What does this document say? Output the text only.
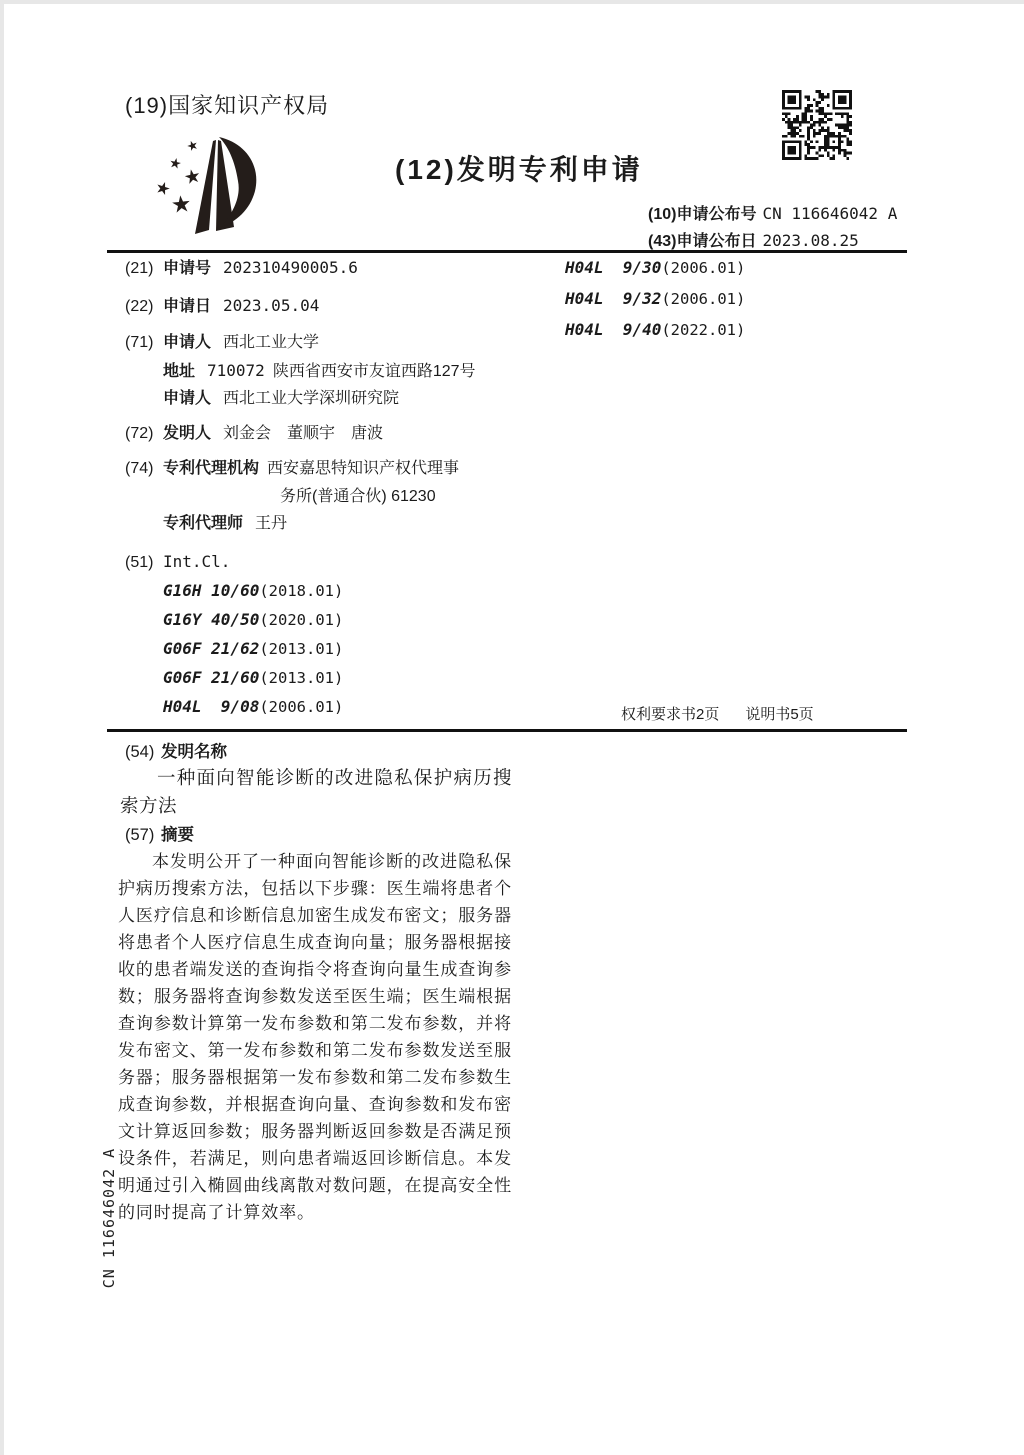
(19)国家知识产权局
★
★
★
★
★
(12)发明专利申请
(10)申请公布号 CN 116646042 A
(43)申请公布日 2023.08.25
(21) 申请号 202310490005.6
(22) 申请日 2023.05.04
(71) 申请人 西北工业大学
地址 710072 陕西省西安市友谊西路127号
申请人 西北工业大学深圳研究院
(72) 发明人 刘金会　董顺宇　唐波
(74) 专利代理机构 西安嘉思特知识产权代理事
务所(普通合伙) 61230
专利代理师 王丹
(51) Int.Cl.
G16H 10/60(2018.01)
G16Y 40/50(2020.01)
G06F 21/62(2013.01)
G06F 21/60(2013.01)
H04L  9/08(2006.01)
H04L  9/30(2006.01)
H04L  9/32(2006.01)
H04L  9/40(2022.01)
权利要求书2页 说明书5页
(54) 发明名称
一种面向智能诊断的改进隐私保护病历搜索方法
(57) 摘要
本发明公开了一种面向智能诊断的改进隐私保护病历搜索方法，包括以下步骤：医生端将患者个人医疗信息和诊断信息加密生成发布密文；服务器将患者个人医疗信息生成查询向量；服务器根据接收的患者端发送的查询指令将查询向量生成查询参数；服务器将查询参数发送至医生端；医生端根据查询参数计算第一发布参数和第二发布参数，并将发布密文、第一发布参数和第二发布参数发送至服务器；服务器根据第一发布参数和第二发布参数生成查询参数，并根据查询向量、查询参数和发布密文计算返回参数；服务器判断返回参数是否满足预设条件，若满足，则向患者端返回诊断信息。本发明通过引入椭圆曲线离散对数问题，在提高安全性的同时提高了计算效率。
CN 116646042 A
